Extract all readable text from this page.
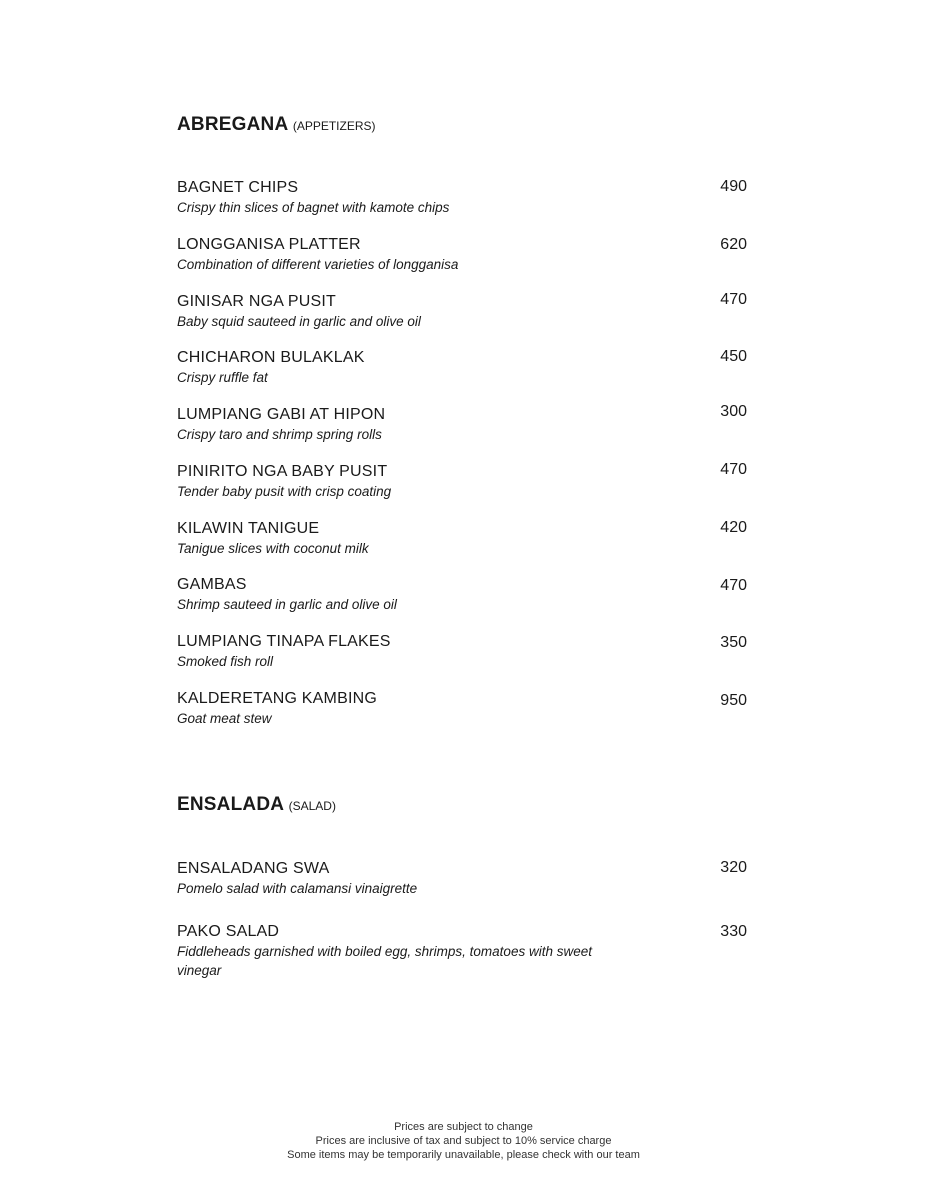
ABREGANA (APPETIZERS)
BAGNET CHIPS
Crispy thin slices of bagnet with kamote chips
490
LONGGANISA PLATTER
Combination of different varieties of longganisa
620
GINISAR NGA PUSIT
Baby squid sauteed in garlic and olive oil
470
CHICHARON BULAKLAK
Crispy ruffle fat
450
LUMPIANG GABI AT HIPON
Crispy taro and shrimp spring rolls
300
PINIRITO NGA BABY PUSIT
Tender baby pusit with crisp coating
470
KILAWIN TANIGUE
Tanigue slices with coconut milk
420
GAMBAS
Shrimp sauteed in garlic and olive oil
470
LUMPIANG TINAPA FLAKES
Smoked fish roll
350
KALDERETANG KAMBING
Goat meat stew
950
ENSALADA (SALAD)
ENSALADANG SWA
Pomelo salad with calamansi vinaigrette
320
PAKO SALAD
Fiddleheads garnished with boiled egg, shrimps, tomatoes with sweet vinegar
330
Prices are subject to change
Prices are inclusive of tax and subject to 10% service charge
Some items may be temporarily unavailable, please check with our team
